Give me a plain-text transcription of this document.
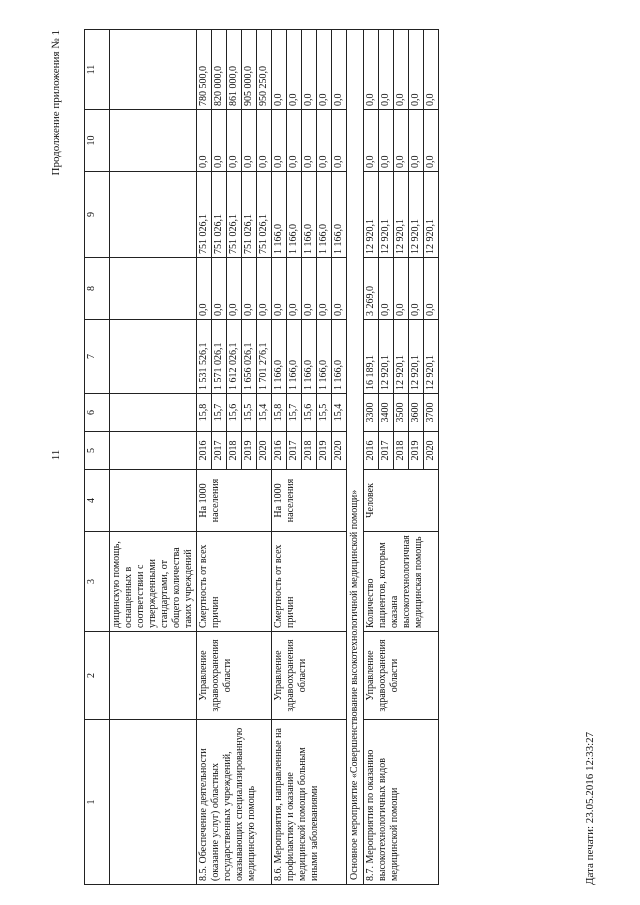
11
Продолжение приложения № 1
1	2	3	4	5	6	7	8	9	10	11
		дицинскую помощь, оснащенных в соответствии с утвержденными стандартами, от общего количества таких учреждений								
8.5. Обеспечение деятельности (оказание услуг) областных государственных учреждений, оказывающих специализированную медицинскую помощь	Управление здравоохранения области	Смертность от всех причин	На 1000 населения	2016	15,8	1 531 526,1	0,0	751 026,1	0,0	780 500,0
				2017	15,7	1 571 026,1	0,0	751 026,1	0,0	820 000,0
				2018	15,6	1 612 026,1	0,0	751 026,1	0,0	861 000,0
				2019	15,5	1 656 026,1	0,0	751 026,1	0,0	905 000,0
				2020	15,4	1 701 276,1	0,0	751 026,1	0,0	950 250,0
8.6. Мероприятия, направленные на профилактику и оказание медицинской помощи больным иными заболеваниями	Управление здравоохранения области	Смертность от всех причин	На 1000 населения	2016	15,8	1 166,0	0,0	1 166,0	0,0	0,0
				2017	15,7	1 166,0	0,0	1 166,0	0,0	0,0
				2018	15,6	1 166,0	0,0	1 166,0	0,0	0,0
				2019	15,5	1 166,0	0,0	1 166,0	0,0	0,0
				2020	15,4	1 166,0	0,0	1 166,0	0,0	0,0
Основное мероприятие «Совершенствование высокотехнологичной медицинской помощи»										
8.7. Мероприятия по оказанию высокотехнологичных видов медицинской помощи	Управление здравоохранения области	Количество пациентов, которым оказана высокотехнологичная медицинская помощь	Человек	2016	3300	16 189,1	3 269,0	12 920,1	0,0	0,0
				2017	3400	12 920,1	0,0	12 920,1	0,0	0,0
				2018	3500	12 920,1	0,0	12 920,1	0,0	0,0
				2019	3600	12 920,1	0,0	12 920,1	0,0	0,0
				2020	3700	12 920,1	0,0	12 920,1	0,0	0,0
Дата печати: 23.05.2016 12:33:27
